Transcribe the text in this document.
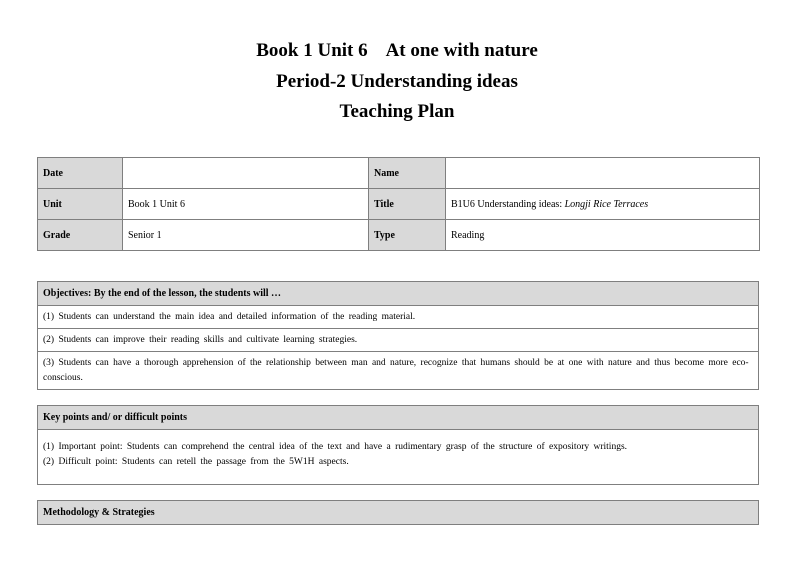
Book 1 Unit 6    At one with nature
Period-2 Understanding ideas
Teaching Plan
Date		Name	
Unit	Book 1 Unit 6	Title	B1U6 Understanding ideas: Longji Rice Terraces
Grade	Senior 1	Type	Reading
Objectives: By the end of the lesson, the students will …
(1) Students can understand the main idea and detailed information of the reading material.
(2) Students can improve their reading skills and cultivate learning strategies.
(3) Students can have a thorough apprehension of the relationship between man and nature, recognize that humans should be at one with nature and thus become more eco-conscious.
Key points and/ or difficult points
(1) Important point: Students can comprehend the central idea of the text and have a rudimentary grasp of the structure of expository writings.
(2) Difficult point: Students can retell the passage from the 5W1H aspects.
Methodology & Strategies
